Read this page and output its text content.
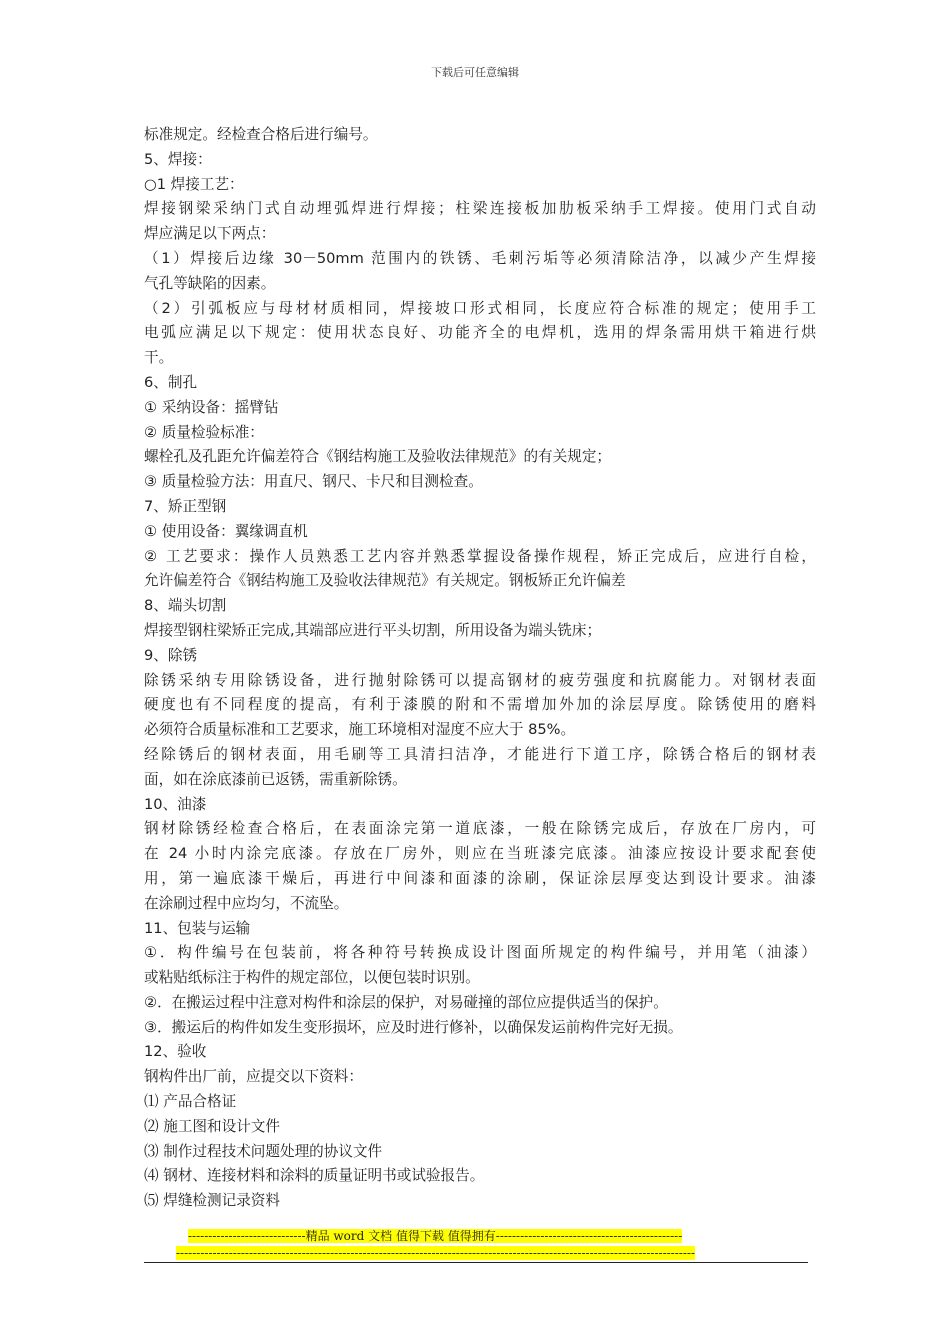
下载后可任意编辑
标准规定。经检查合格后进行编号。
5、焊接：
○1 焊接工艺：
焊接钢梁采纳门式自动埋弧焊进行焊接；柱梁连接板加肋板采纳手工焊接。使用门式自动
焊应满足以下两点：
（1）焊接后边缘 30－50mm 范围内的铁锈、毛刺污垢等必须清除洁净，以减少产生焊接
气孔等缺陷的因素。
（2）引弧板应与母材材质相同，焊接坡口形式相同，长度应符合标准的规定；使用手工
电弧应满足以下规定：使用状态良好、功能齐全的电焊机，选用的焊条需用烘干箱进行烘
干。
6、制孔
① 采纳设备：摇臂钻
② 质量检验标准：
螺栓孔及孔距允许偏差符合《钢结构施工及验收法律规范》的有关规定；
③ 质量检验方法：用直尺、钢尺、卡尺和目测检查。
7、矫正型钢
① 使用设备：翼缘调直机
② 工艺要求：操作人员熟悉工艺内容并熟悉掌握设备操作规程，矫正完成后，应进行自检，
允许偏差符合《钢结构施工及验收法律规范》有关规定。钢板矫正允许偏差
8、端头切割
焊接型钢柱梁矫正完成,其端部应进行平头切割，所用设备为端头铣床；
9、除锈
除锈采纳专用除锈设备，进行抛射除锈可以提高钢材的疲劳强度和抗腐能力。对钢材表面
硬度也有不同程度的提高，有利于漆膜的附和不需增加外加的涂层厚度。除锈使用的磨料
必须符合质量标准和工艺要求，施工环境相对湿度不应大于 85%。
经除锈后的钢材表面，用毛刷等工具清扫洁净，才能进行下道工序，除锈合格后的钢材表
面，如在涂底漆前已返锈，需重新除锈。
10、油漆
钢材除锈经检查合格后，在表面涂完第一道底漆，一般在除锈完成后，存放在厂房内，可
在 24 小时内涂完底漆。存放在厂房外，则应在当班漆完底漆。油漆应按设计要求配套使
用，第一遍底漆干燥后，再进行中间漆和面漆的涂刷，保证涂层厚变达到设计要求。油漆
在涂刷过程中应均匀，不流坠。
11、包装与运输
①．构件编号在包装前，将各种符号转换成设计图面所规定的构件编号，并用笔（油漆）
或粘贴纸标注于构件的规定部位，以便包装时识别。
②．在搬运过程中注意对构件和涂层的保护，对易碰撞的部位应提供适当的保护。
③．搬运后的构件如发生变形损坏，应及时进行修补，以确保发运前构件完好无损。
12、验收
钢构件出厂前，应提交以下资料：
⑴ 产品合格证
⑵ 施工图和设计文件
⑶ 制作过程技术问题处理的协议文件
⑷ 钢材、连接材料和涂料的质量证明书或试验报告。
⑸ 焊缝检测记录资料
-----------------------------精品 word 文档 值得下载 值得拥有----------------------------------------------
--------------------------------------------------------------------------------------------------------------------------------
